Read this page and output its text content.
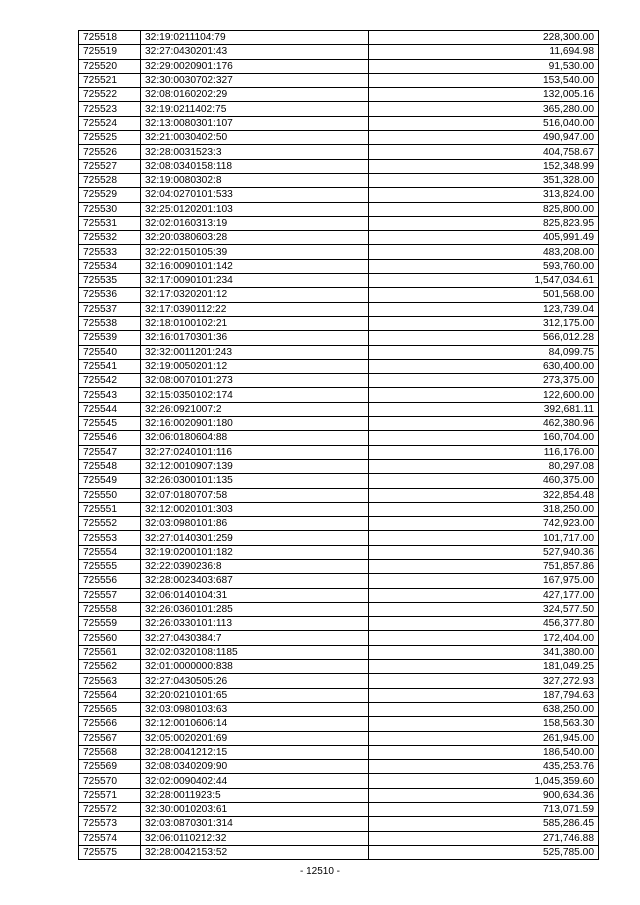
725518	32:19:0211104:79	228,300.00
725519	32:27:0430201:43	11,694.98
725520	32:29:0020901:176	91,530.00
725521	32:30:0030702:327	153,540.00
725522	32:08:0160202:29	132,005.16
725523	32:19:0211402:75	365,280.00
725524	32:13:0080301:107	516,040.00
725525	32:21:0030402:50	490,947.00
725526	32:28:0031523:3	404,758.67
725527	32:08:0340158:118	152,348.99
725528	32:19:0080302:8	351,328.00
725529	32:04:0270101:533	313,824.00
725530	32:25:0120201:103	825,800.00
725531	32:02:0160313:19	825,823.95
725532	32:20:0380603:28	405,991.49
725533	32:22:0150105:39	483,208.00
725534	32:16:0090101:142	593,760.00
725535	32:17:0090101:234	1,547,034.61
725536	32:17:0320201:12	501,568.00
725537	32:17:0390112:22	123,739.04
725538	32:18:0100102:21	312,175.00
725539	32:16:0170301:36	566,012.28
725540	32:32:0011201:243	84,099.75
725541	32:19:0050201:12	630,400.00
725542	32:08:0070101:273	273,375.00
725543	32:15:0350102:174	122,600.00
725544	32:26:0921007:2	392,681.11
725545	32:16:0020901:180	462,380.96
725546	32:06:0180604:88	160,704.00
725547	32:27:0240101:116	116,176.00
725548	32:12:0010907:139	80,297.08
725549	32:26:0300101:135	460,375.00
725550	32:07:0180707:58	322,854.48
725551	32:12:0020101:303	318,250.00
725552	32:03:0980101:86	742,923.00
725553	32:27:0140301:259	101,717.00
725554	32:19:0200101:182	527,940.36
725555	32:22:0390236:8	751,857.86
725556	32:28:0023403:687	167,975.00
725557	32:06:0140104:31	427,177.00
725558	32:26:0360101:285	324,577.50
725559	32:26:0330101:113	456,377.80
725560	32:27:0430384:7	172,404.00
725561	32:02:0320108:1185	341,380.00
725562	32:01:0000000:838	181,049.25
725563	32:27:0430505:26	327,272.93
725564	32:20:0210101:65	187,794.63
725565	32:03:0980103:63	638,250.00
725566	32:12:0010606:14	158,563.30
725567	32:05:0020201:69	261,945.00
725568	32:28:0041212:15	186,540.00
725569	32:08:0340209:90	435,253.76
725570	32:02:0090402:44	1,045,359.60
725571	32:28:0011923:5	900,634.36
725572	32:30:0010203:61	713,071.59
725573	32:03:0870301:314	585,286.45
725574	32:06:0110212:32	271,746.88
725575	32:28:0042153:52	525,785.00
- 12510 -
